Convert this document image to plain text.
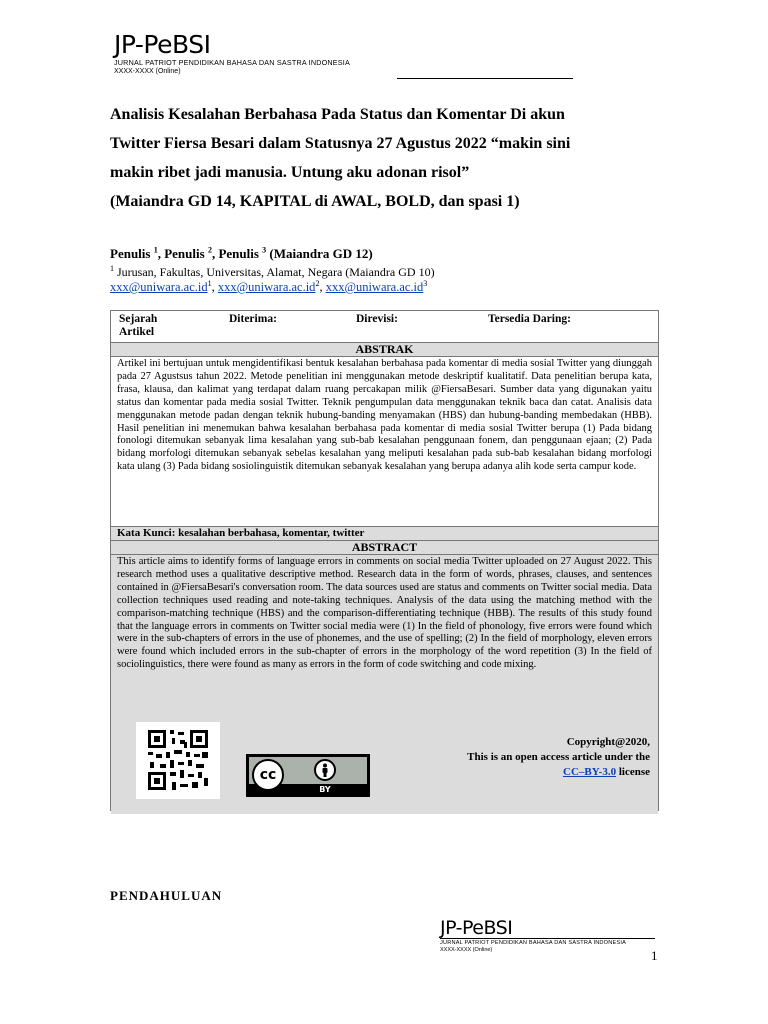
JP-PeBSI
JURNAL PATRIOT PENDIDIKAN BAHASA DAN SASTRA INDONESIA
XXXX-XXXX (Online)
Analisis Kesalahan Berbahasa Pada Status dan Komentar Di akun
Twitter Fiersa Besari dalam Statusnya 27 Agustus 2022 “makin sini
makin ribet jadi manusia. Untung aku adonan risol”
(Maiandra GD 14, KAPITAL di AWAL, BOLD, dan spasi 1)
Penulis $^1$, Penulis $^2$, Penulis $^3$ (Maiandra GD 12)
$^1$ Jurusan, Fakultas, Universitas, Alamat, Negara (Maiandra GD 10)
$xxx@uniwara.ac.id^1$, $xxx@uniwara.ac.id^2$, $xxx@uniwara.ac.id^3$
Sejarah
Artikel
Diterima:	Direvisi:	Tersedia Daring:
ABSTRAK
Artikel ini bertujuan untuk mengidentifikasi bentuk kesalahan berbahasa pada komentar di media sosial Twitter yang diunggah pada 27 Agustsus tahun 2022. Metode penelitian ini menggunakan metode deskriptif kualitatif. Data penelitian berupa kata, frasa, klausa, dan kalimat yang terdapat dalam ruang percakapan milik @FiersaBesari. Sumber data yang digunakan yaitu status dan komentar pada media sosial Twitter. Teknik pengumpulan data menggunakan teknik baca dan catat. Analisis data menggunakan metode padan dengan teknik hubung-banding menyamakan (HBS) dan hubung-banding membedakan (HBB). Hasil penelitian ini menemukan bahwa kesalahan berbahasa pada komentar di media sosial Twitter berupa (1) Pada bidang fonologi ditemukan sebanyak lima kesalahan yang sub-bab kesalahan penggunaan fonem, dan penggunaan ejaan; (2) Pada bidang morfologi ditemukan sebanyak sebelas kesalahan yang meliputi kesalahan pada sub-bab kesalahan bidang morfologi kata ulang (3) Pada bidang sosiolinguistik ditemukan sebanyak kesalahan yang berupa adanya alih kode serta campur kode.
Kata Kunci: kesalahan berbahasa, komentar, twitter
ABSTRACT
This article aims to identify forms of language errors in comments on social media Twitter uploaded on 27 August 2022. This research method uses a qualitative descriptive method. Research data in the form of words, phrases, clauses, and sentences contained in @FiersaBesari's conversation room. The data sources used are status and comments on Twitter social media. Data collection techniques used reading and note-taking techniques. Analysis of the data using the matching method with the comparison-matching technique (HBS) and the comparison-differentiating technique (HBB). The results of this study found that the language errors in comments on Twitter social media were (1) In the field of phonology, five errors were found which were in the sub-chapters of errors in the use of phonemes, and the use of spelling; (2) In the field of morphology, eleven errors were found which included errors in the sub-chapter of errors in the morphology of the word repetition (3) In the field of sociolinguistics, there were found as many as errors in the form of code switching and code mixing.
cc
BY
Copyright@2020,
This is an open access article under the
CC–BY-3.0 license
PENDAHULUAN
JP-PeBSI
JURNAL PATRIOT PENDIDIKAN BAHASA DAN SASTRA INDONESIA
XXXX-XXXX (Online)	1
